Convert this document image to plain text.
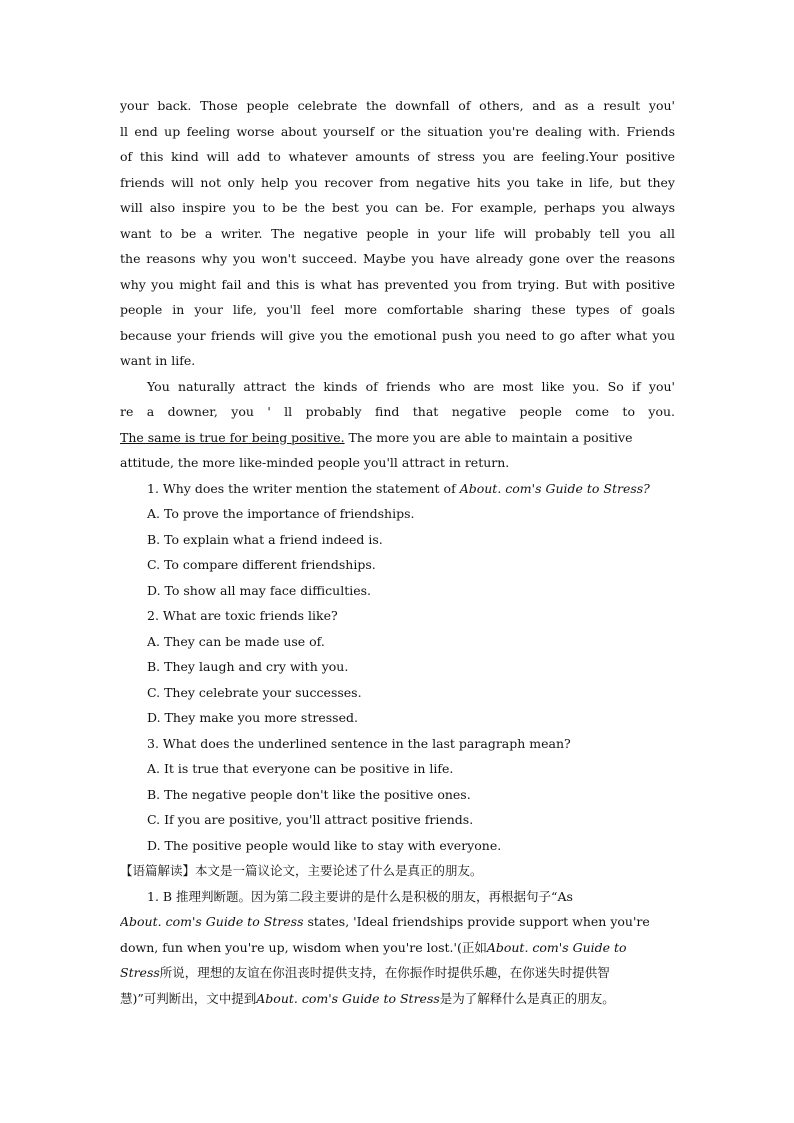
your back. Those people celebrate the downfall of others, and as a result you'
ll end up feeling worse about yourself or the situation you're dealing with. Friends
of this kind will add to whatever amounts of stress you are feeling.Your positive
friends will not only help you recover from negative hits you take in life, but they
will also inspire you to be the best you can be. For example, perhaps you always
want to be a writer. The negative people in your life will probably tell you all
the reasons why you won't succeed. Maybe you have already gone over the reasons
why you might fail and this is what has prevented you from trying. But with positive
people in your life, you'll feel more comfortable sharing these types of goals
because your friends will give you the emotional push you need to go after what you
want in life.
You naturally attract the kinds of friends who are most like you. So if you'
re a downer, you ' ll probably find that negative people come to you.
The same is true for being positive. The more you are able to maintain a positive
attitude, the more like-minded people you'll attract in return.
1. Why does the writer mention the statement of About. com's Guide to Stress?
A. To prove the importance of friendships.
B. To explain what a friend indeed is.
C. To compare different friendships.
D. To show all may face difficulties.
2. What are toxic friends like?
A. They can be made use of.
B. They laugh and cry with you.
C. They celebrate your successes.
D. They make you more stressed.
3. What does the underlined sentence in the last paragraph mean?
A. It is true that everyone can be positive in life.
B. The negative people don't like the positive ones.
C. If you are positive, you'll attract positive friends.
D. The positive people would like to stay with everyone.
【语篇解读】本文是一篇议论文，主要论述了什么是真正的朋友。
1. B 推理判断题。因为第二段主要讲的是什么是积极的朋友，再根据句子“As
About. com's Guide to Stress states, 'Ideal friendships provide support when you're
down, fun when you're up, wisdom when you're lost.'(正如About. com's Guide to
Stress所说，理想的友谊在你沮丧时提供支持，在你振作时提供乐趣，在你迷失时提供智
慧)”可判断出，文中提到About. com's Guide to Stress是为了解释什么是真正的朋友。
